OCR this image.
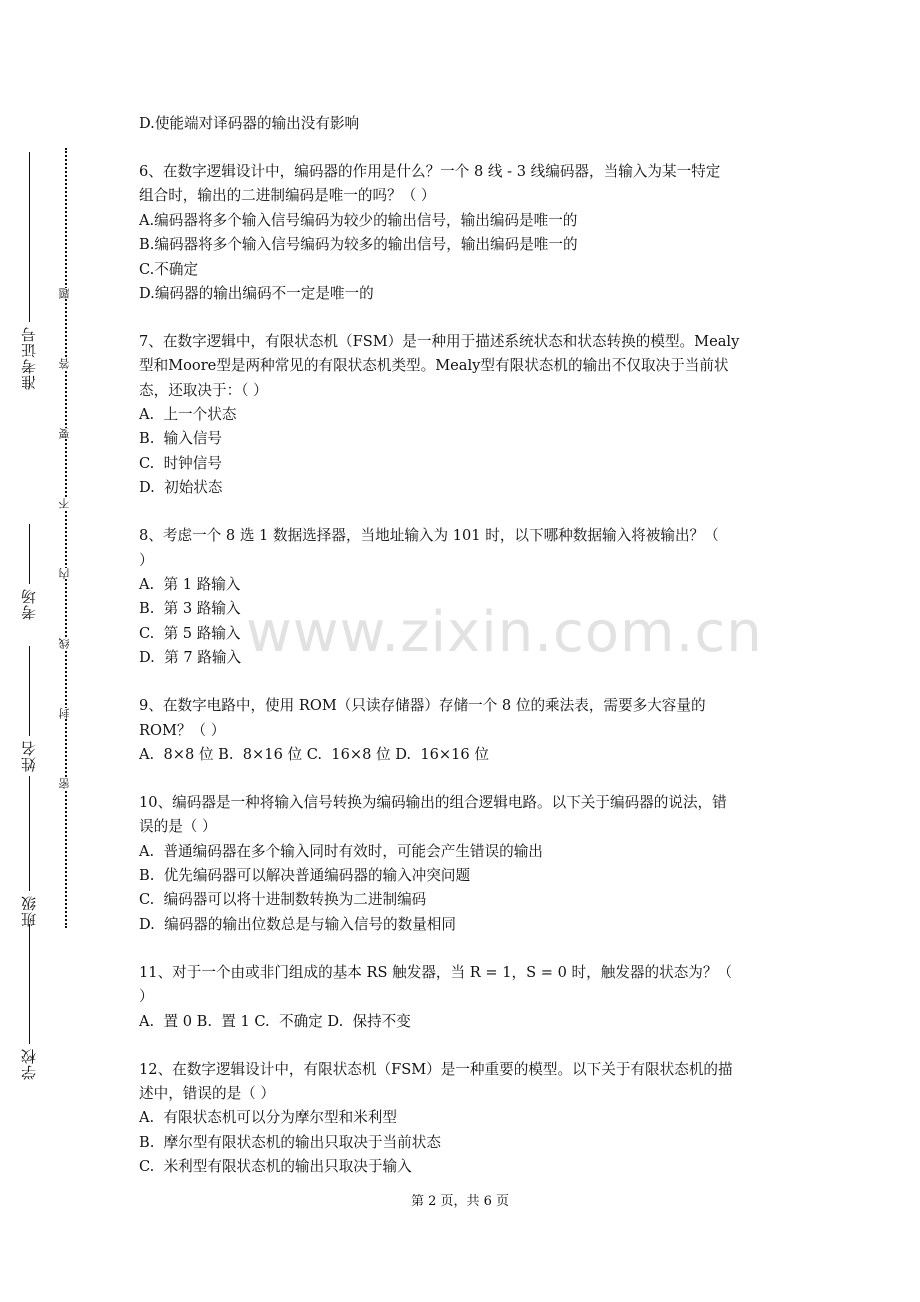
准考证号
考场
姓名
班级
学校
题
答
要
不
内
线
封
密
www.zixin.com.cn

D.使能端对译码器的输出没有影响

6、在数字逻辑设计中，编码器的作用是什么？一个 8 线 - 3 线编码器，当输入为某一特定

组合时，输出的二进制编码是唯一的吗？（ ）

A.编码器将多个输入信号编码为较少的输出信号，输出编码是唯一的

B.编码器将多个输入信号编码为较多的输出信号，输出编码是唯一的

C.不确定

D.编码器的输出编码不一定是唯一的

7、在数字逻辑中，有限状态机（FSM）是一种用于描述系统状态和状态转换的模型。Mealy

型和Moore型是两种常见的有限状态机类型。Mealy型有限状态机的输出不仅取决于当前状

态，还取决于：（ ）

A.  上一个状态

B.  输入信号

C.  时钟信号

D.  初始状态

8、考虑一个 8 选 1 数据选择器，当地址输入为 101 时，以下哪种数据输入将被输出？（

）

A.  第 1 路输入

B.  第 3 路输入

C.  第 5 路输入

D.  第 7 路输入

9、在数字电路中，使用 ROM（只读存储器）存储一个 8 位的乘法表，需要多大容量的

ROM？（ ）

A.  8×8 位 B.  8×16 位 C.  16×8 位 D.  16×16 位

10、编码器是一种将输入信号转换为编码输出的组合逻辑电路。以下关于编码器的说法，错

误的是（ ）

A.  普通编码器在多个输入同时有效时，可能会产生错误的输出

B.  优先编码器可以解决普通编码器的输入冲突问题

C.  编码器可以将十进制数转换为二进制编码

D.  编码器的输出位数总是与输入信号的数量相同

11、对于一个由或非门组成的基本 RS 触发器，当 R = 1，S = 0 时，触发器的状态为？（

）

A.  置 0 B.  置 1 C.  不确定 D.  保持不变

12、在数字逻辑设计中，有限状态机（FSM）是一种重要的模型。以下关于有限状态机的描

述中，错误的是（ ）

A.  有限状态机可以分为摩尔型和米利型

B.  摩尔型有限状态机的输出只取决于当前状态

C.  米利型有限状态机的输出只取决于输入

第 2 页，共 6 页
